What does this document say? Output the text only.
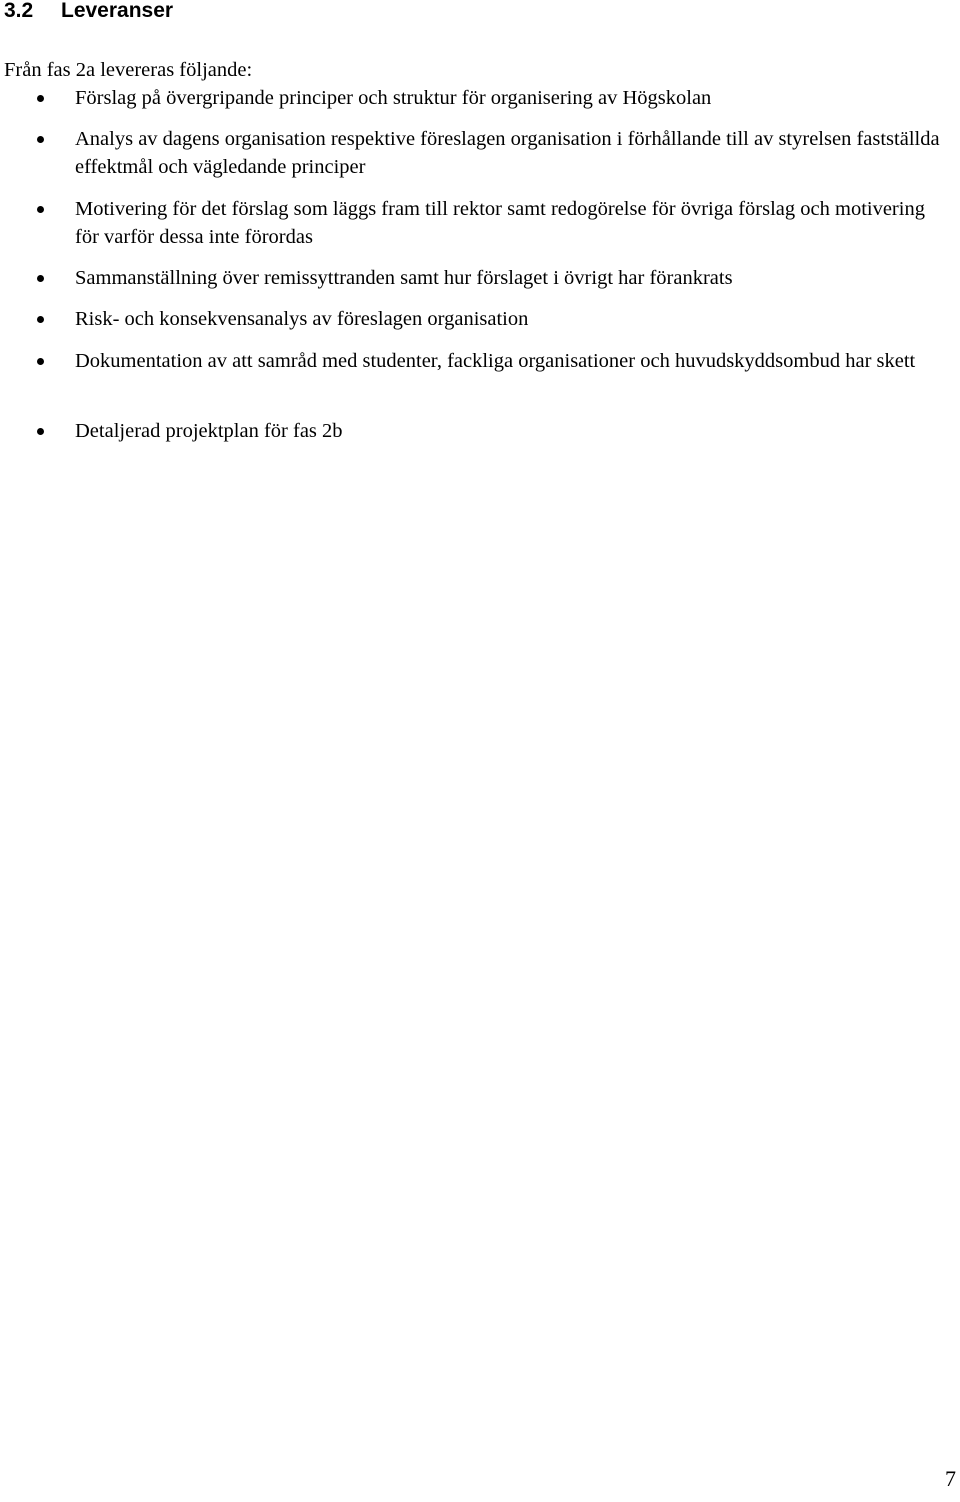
3.2 Leveranser

Från fas 2a levereras följande:

Förslag på övergripande principer och struktur för organisering av Högskolan
Analys av dagens organisation respektive föreslagen organisation i förhållande till av styrelsen fastställda effektmål och vägledande principer
Motivering för det förslag som läggs fram till rektor samt redogörelse för övriga förslag och motivering för varför dessa inte förordas
Sammanställning över remissyttranden samt hur förslaget i övrigt har förankrats
Risk- och konsekvensanalys av föreslagen organisation
Dokumentation av att samråd med studenter, fackliga organisationer och huvudskyddsombud har skett
Detaljerad projektplan för fas 2b

7
